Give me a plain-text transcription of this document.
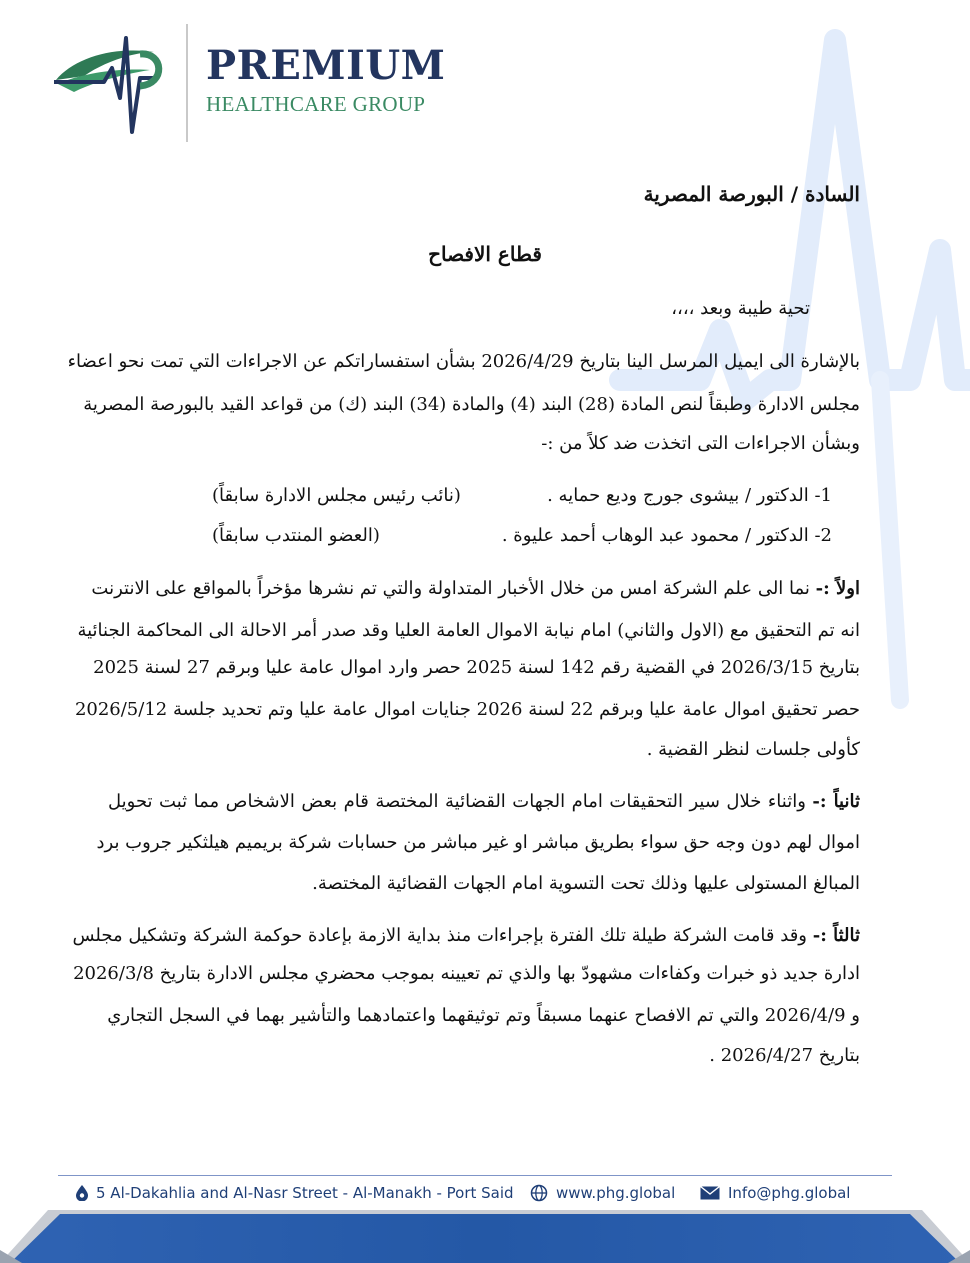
PREMIUM
HEALTHCARE GROUP
السادة / البورصة المصرية
قطاع الافصاح
تحية طيبة وبعد ،،،،
بالإشارة الى ايميل المرسل الينا بتاريخ 2026/4/29 بشأن استفساراتكم عن الاجراءات التي تمت نحو اعضاء
مجلس الادارة وطبقاً لنص المادة (28) البند (4) والمادة (34) البند (ك) من قواعد القيد بالبورصة المصرية
وبشأن الاجراءات التى اتخذت ضد كلاً من :-
1- الدكتور / بيشوى جورج وديع حمايه .
(نائب رئيس مجلس الادارة سابقاً)
2- الدكتور / محمود عبد الوهاب أحمد عليوة .
(العضو المنتدب سابقاً)
اولاً :- نما الى علم الشركة امس من خلال الأخبار المتداولة والتي تم نشرها مؤخراً بالمواقع على الانترنت
انه تم التحقيق مع (الاول والثاني) امام نيابة الاموال العامة العليا وقد صدر أمر الاحالة الى المحاكمة الجنائية
بتاريخ 2026/3/15 في القضية رقم 142 لسنة 2025 حصر وارد اموال عامة عليا وبرقم 27 لسنة 2025
حصر تحقيق اموال عامة عليا وبرقم 22 لسنة 2026 جنايات اموال عامة عليا وتم تحديد جلسة 2026/5/12
كأولى جلسات لنظر القضية .
ثانياً :- واثناء خلال سير التحقيقات امام الجهات القضائية المختصة قام بعض الاشخاص مما ثبت تحويل
اموال لهم دون وجه حق سواء بطريق مباشر او غير مباشر من حسابات شركة بريميم هيلثكير جروب برد
المبالغ المستولى عليها وذلك تحت التسوية امام الجهات القضائية المختصة.
ثالثاً :- وقد قامت الشركة طيلة تلك الفترة بإجراءات منذ بداية الازمة بإعادة حوكمة الشركة وتشكيل مجلس
ادارة جديد ذو خبرات وكفاءات مشهودّ بها والذي تم تعيينه بموجب محضري مجلس الادارة بتاريخ 2026/3/8
و 2026/4/9 والتي تم الافصاح عنهما مسبقاً وتم توثيقهما واعتمادهما والتأشير بهما في السجل التجاري
بتاريخ 2026/4/27 .
5 Al-Dakahlia and Al-Nasr Street - Al-Manakh - Port Said	www.phg.global	Info@phg.global
